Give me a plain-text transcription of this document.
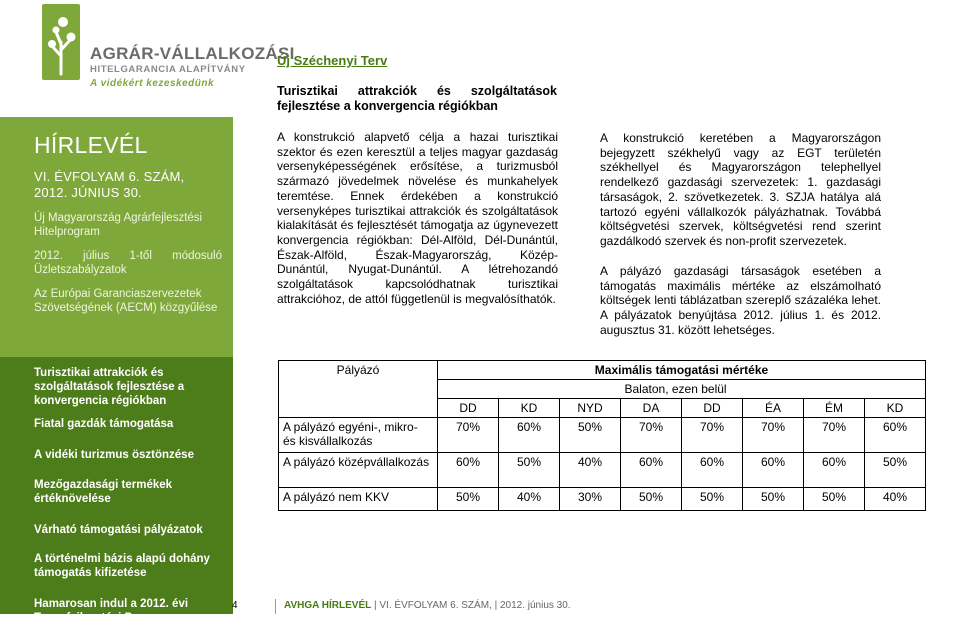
AGRÁR-VÁLLALKOZÁSI
HITELGARANCIA ALAPÍTVÁNY
A vidékért kezeskedünk
Új Széchenyi Terv
Turisztikai attrakciók és szolgáltatások fejlesztése a konvergencia régiókban
HÍRLEVÉL
VI. ÉVFOLYAM 6. SZÁM,
2012. JÚNIUS 30.
Új Magyarország Agrárfejlesztési Hitelprogram
2012. július 1-től módosuló Üzletszabályzatok
Az Európai Garanciaszervezetek Szövetségének (AECM) közgyűlése
Turisztikai attrakciók és szolgáltatások fejlesztése a konvergencia régiókban
Fiatal gazdák támogatása
A vidéki turizmus ösztönzése
Mezőgazdasági termékek értéknövelése
Várható támogatási pályázatok
A történelmi bázis alapú dohány támogatás kifizetése
Hamarosan indul a 2012. évi Tanyafejlesztési Program
A konstrukció alapvető célja a hazai turisztikai szektor és ezen keresztül a teljes magyar gazdaság versenyképességének erősítése, a turizmusból származó jövedelmek növelése és munkahelyek teremtése. Ennek érdekében a konstrukció versenyképes turisztikai attrakciók és szolgáltatások kialakítását és fejlesztését támogatja az úgynevezett konvergencia régiókban: Dél-Alföld, Dél-Dunántúl, Észak-Alföld, Észak-Magyarország, Közép-Dunántúl, Nyugat-Dunántúl. A létrehozandó szolgáltatások kapcsolódhatnak turisztikai attrakcióhoz, de attól függetlenül is megvalósíthatók.
A konstrukció keretében a Magyarországon bejegyzett székhelyű vagy az EGT területén székhellyel és Magyarországon telephellyel rendelkező gazdasági szervezetek: 1. gazdasági társaságok, 2. szövetkezetek. 3. SZJA hatálya alá tartozó egyéni vállalkozók pályázhatnak. Továbbá költségvetési szervek, költségvetési rend szerint gazdálkodó szervek és non-profit szervezetek.
A pályázó gazdasági társaságok esetében a támogatás maximális mértéke az elszámolható költségek lenti táblázatban szereplő százaléka lehet. A pályázatok benyújtása 2012. július 1. és 2012. augusztus 31. között lehetséges.
Pályázó	Maximális támogatási mértéke							
				Balaton, ezen belül				
	DD	KD	NYD	DA	DD	ÉA	ÉM	KD
A pályázó egyéni-, mikro- és kisvállalkozás	70%	60%	50%	70%	70%	70%	70%	60%
A pályázó középvállalkozás	60%	50%	40%	60%	60%	60%	60%	50%
A pályázó nem KKV	50%	40%	30%	50%	50%	50%	50%	40%
4	AVHGA HÍRLEVÉL | VI. ÉVFOLYAM 6. SZÁM, | 2012. június 30.
